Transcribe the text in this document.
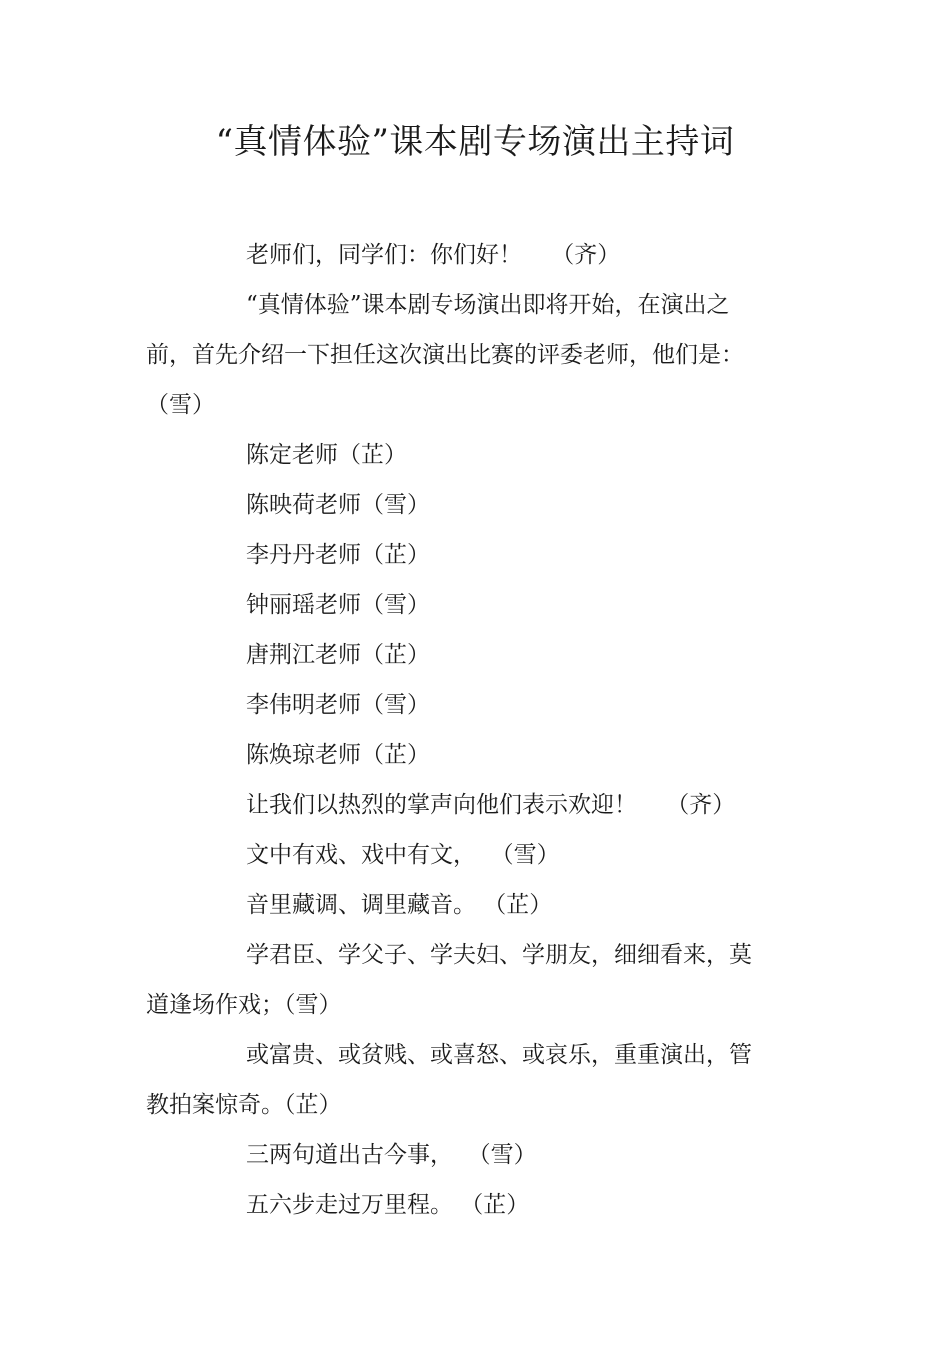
“真情体验”课本剧专场演出主持词

老师们，同学们：你们好！    （齐）

“真情体验”课本剧专场演出即将开始，在演出之前，首先介绍一下担任这次演出比赛的评委老师，他们是：（雪）

陈定老师（芷）

陈映荷老师（雪）

李丹丹老师（芷）

钟丽瑶老师（雪）

唐荆江老师（芷）

李伟明老师（雪）

陈焕琼老师（芷）

让我们以热烈的掌声向他们表示欢迎！    （齐）

文中有戏、戏中有文，  （雪）

音里藏调、调里藏音。 （芷）

学君臣、学父子、学夫妇、学朋友，细细看来，莫道逢场作戏；（雪）

或富贵、或贫贱、或喜怒、或哀乐，重重演出，管教拍案惊奇。（芷）

三两句道出古今事，  （雪）

五六步走过万里程。 （芷）
